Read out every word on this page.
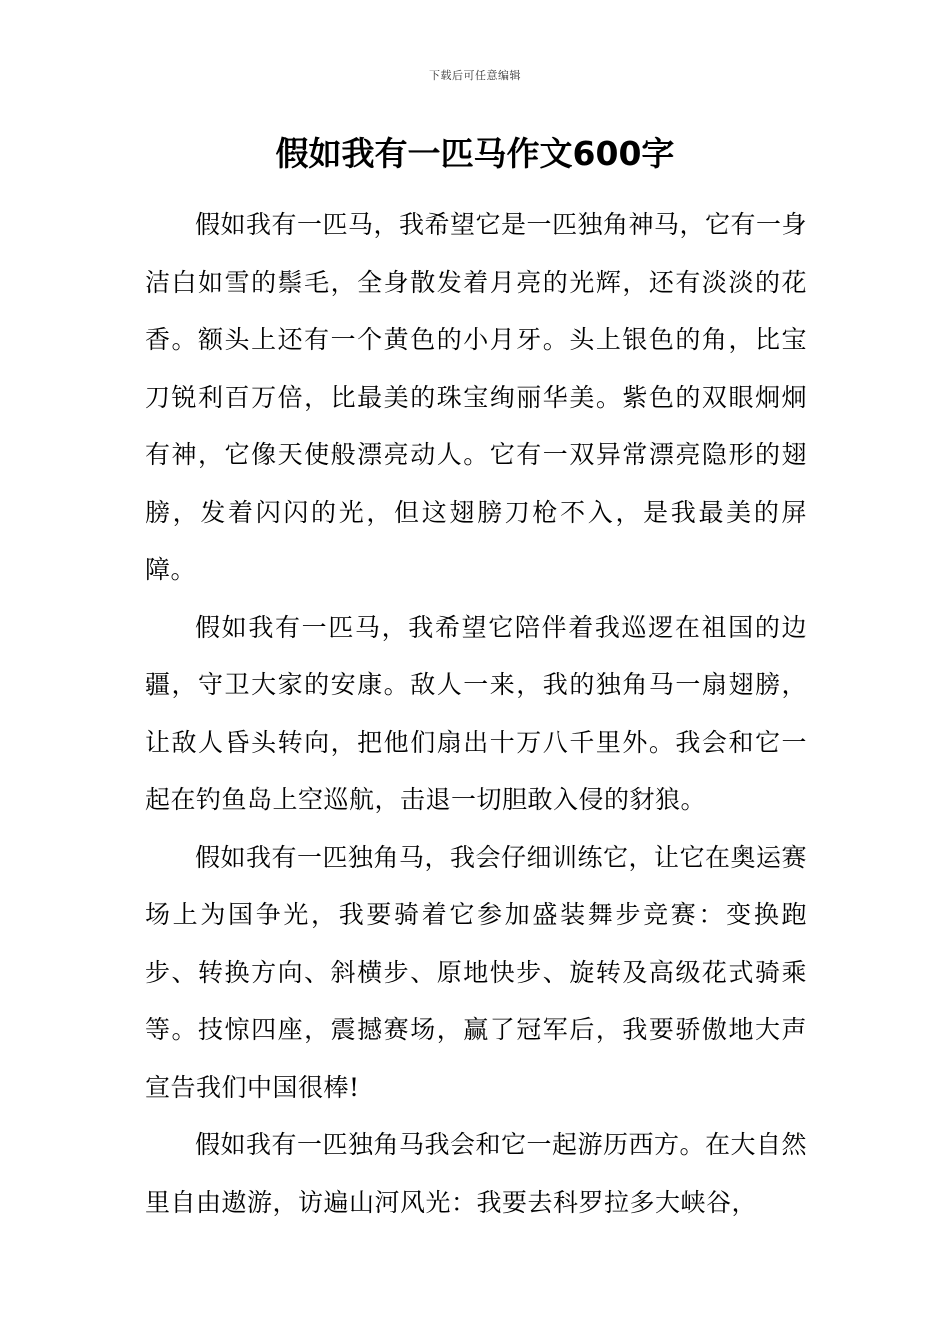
下载后可任意编辑
假如我有一匹马作文600字

假如我有一匹马，我希望它是一匹独角神马，它有一身洁白如雪的鬃毛，全身散发着月亮的光辉，还有淡淡的花香。额头上还有一个黄色的小月牙。头上银色的角，比宝刀锐利百万倍，比最美的珠宝绚丽华美。紫色的双眼炯炯有神，它像天使般漂亮动人。它有一双异常漂亮隐形的翅膀，发着闪闪的光，但这翅膀刀枪不入，是我最美的屏障。

假如我有一匹马，我希望它陪伴着我巡逻在祖国的边疆，守卫大家的安康。敌人一来，我的独角马一扇翅膀，让敌人昏头转向，把他们扇出十万八千里外。我会和它一起在钓鱼岛上空巡航，击退一切胆敢入侵的豺狼。

假如我有一匹独角马，我会仔细训练它，让它在奥运赛场上为国争光，我要骑着它参加盛装舞步竞赛：变换跑步、转换方向、斜横步、原地快步、旋转及高级花式骑乘等。技惊四座，震撼赛场，赢了冠军后，我要骄傲地大声宣告我们中国很棒!

假如我有一匹独角马我会和它一起游历西方。在大自然里自由遨游，访遍山河风光：我要去科罗拉多大峡谷，
